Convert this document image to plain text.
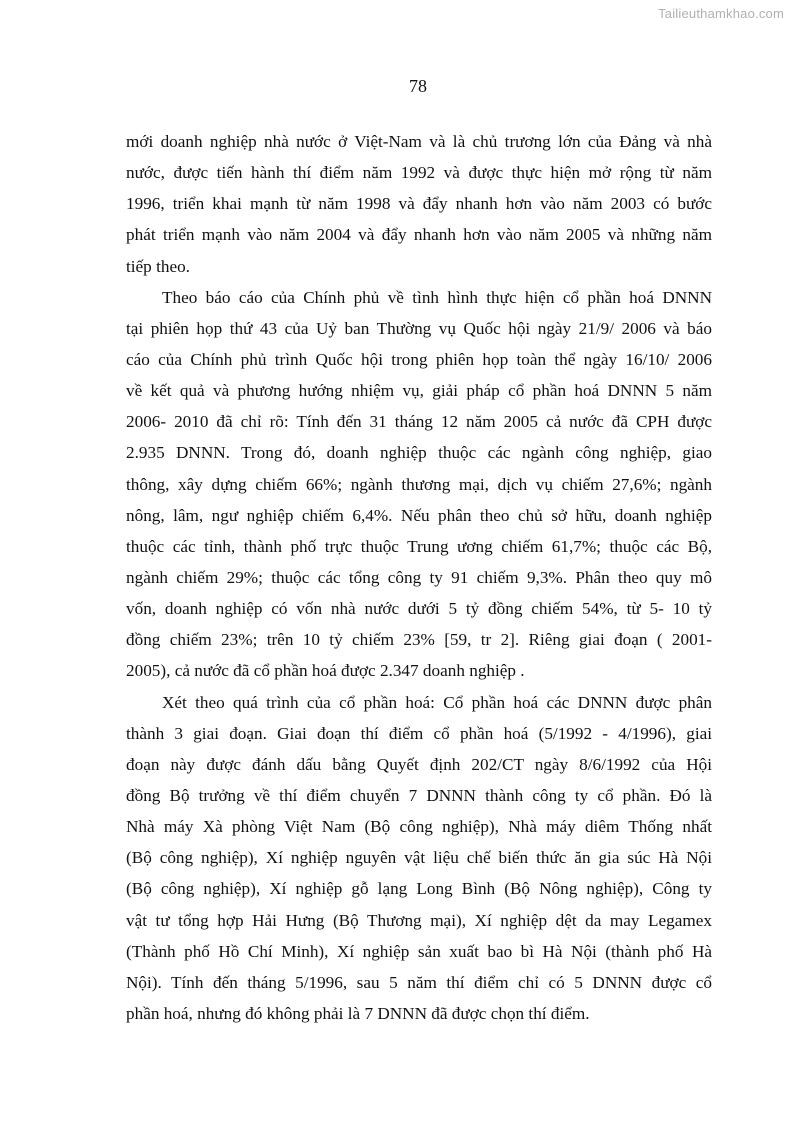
Tailieuthamkhao.com
78
mới doanh nghiệp nhà nước ở Việt-Nam và là chủ trương lớn của Đảng và nhà
nước, được tiến hành thí điểm năm 1992 và được thực hiện mở rộng từ năm
1996, triển khai mạnh từ năm 1998 và đẩy nhanh hơn vào năm 2003 có bước
phát triển mạnh vào năm 2004 và đẩy nhanh hơn vào năm 2005 và những năm
tiếp theo.
Theo báo cáo của Chính phủ về tình hình thực hiện cổ phần hoá DNNN
tại phiên họp thứ 43 của Uỷ ban Thường vụ Quốc hội ngày 21/9/ 2006 và báo
cáo của Chính phủ trình Quốc hội trong phiên họp toàn thể ngày 16/10/ 2006
về kết quả và phương hướng nhiệm vụ, giải pháp cổ phần hoá DNNN 5 năm
2006- 2010 đã chỉ rõ: Tính đến 31 tháng 12 năm 2005 cả nước đã CPH được
2.935 DNNN. Trong đó, doanh nghiệp thuộc các ngành công nghiệp, giao
thông, xây dựng chiếm 66%; ngành thương mại, dịch vụ chiếm 27,6%; ngành
nông, lâm, ngư nghiệp chiếm 6,4%. Nếu phân theo chủ sở hữu, doanh nghiệp
thuộc các tỉnh, thành phố trực thuộc Trung ương chiếm 61,7%; thuộc các Bộ,
ngành chiếm 29%; thuộc các tổng công ty 91 chiếm 9,3%. Phân theo quy mô
vốn, doanh nghiệp có vốn nhà nước dưới 5 tỷ đồng chiếm 54%, từ 5- 10 tỷ
đồng chiếm 23%; trên 10 tỷ chiếm 23% [59, tr 2]. Riêng giai đoạn ( 2001-
2005), cả nước đã cổ phần hoá được 2.347 doanh nghiệp .
Xét theo quá trình của cổ phần hoá: Cổ phần hoá các DNNN được phân
thành 3 giai đoạn. Giai đoạn thí điểm cổ phần hoá (5/1992 - 4/1996), giai
đoạn này được đánh dấu bằng Quyết định 202/CT ngày 8/6/1992 của Hội
đồng Bộ trưởng về thí điểm chuyển 7 DNNN thành công ty cổ phần. Đó là
Nhà máy Xà phòng Việt Nam (Bộ công nghiệp), Nhà máy diêm Thống nhất
(Bộ công nghiệp), Xí nghiệp nguyên vật liệu chế biến thức ăn gia súc Hà Nội
(Bộ công nghiệp), Xí nghiệp gỗ lạng Long Bình (Bộ Nông nghiệp), Công ty
vật tư tổng hợp Hải Hưng (Bộ Thương mại), Xí nghiệp dệt da may Legamex
(Thành phố Hồ Chí Minh), Xí nghiệp sản xuất bao bì Hà Nội (thành phố Hà
Nội). Tính đến tháng 5/1996, sau 5 năm thí điểm chỉ có 5 DNNN được cổ
phần hoá, nhưng đó không phải là 7 DNNN đã được chọn thí điểm.
